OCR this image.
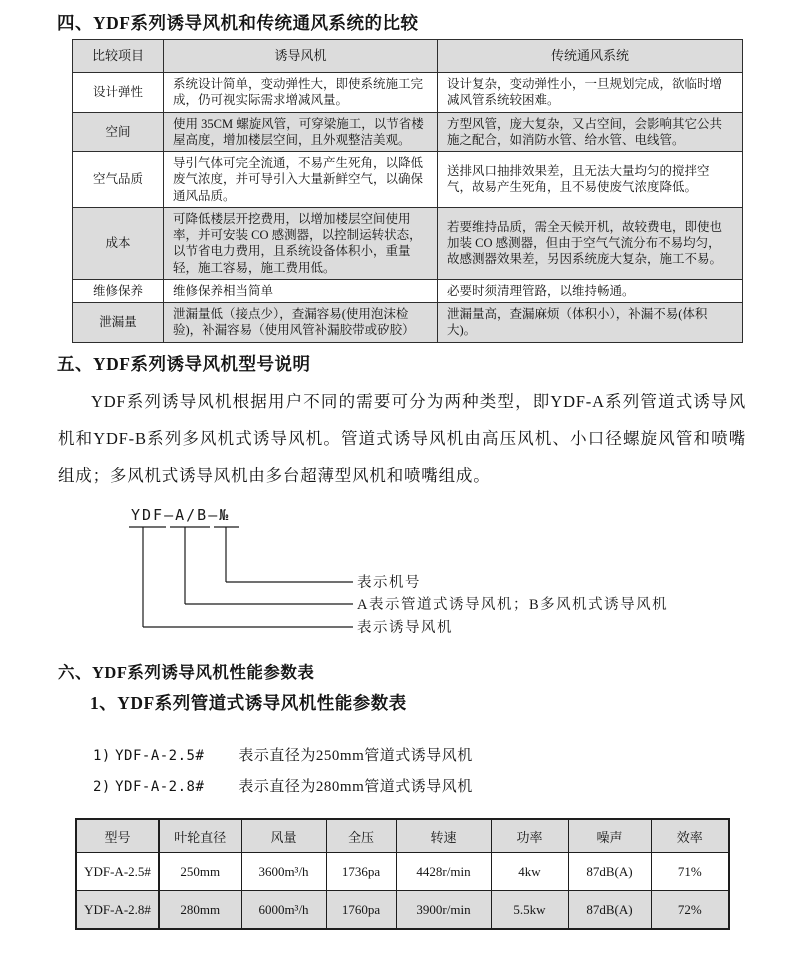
四、YDF系列诱导风机和传统通风系统的比较
比较项目	诱导风机	传统通风系统
设计弹性	系统设计简单，变动弹性大，即使系统施工完成，仍可视实际需求增减风量。	设计复杂，变动弹性小，一旦规划完成，欲临时增减风管系统较困难。
空间	使用 35CM 螺旋风管，可穿梁施工，以节省楼屋高度，增加楼层空间，且外观整洁美观。	方型风管，庞大复杂，又占空间，会影响其它公共施之配合，如消防水管、给水管、电线管。
空气品质	导引气体可完全流通，不易产生死角，以降低废气浓度，并可导引入大量新鲜空气，以确保通风品质。	送排风口抽排效果差，且无法大量均匀的搅拌空气，故易产生死角，且不易使废气浓度降低。
成本	可降低楼层开挖费用，以增加楼层空间使用率，并可安装 CO 感测器，以控制运转状态，以节省电力费用，且系统设备体积小，重量轻，施工容易，施工费用低。	若要维持品质，需全天候开机，故较费电，即使也加装 CO 感测器，但由于空气气流分布不易均匀，故感测器效果差，另因系统庞大复杂，施工不易。
维修保养	维修保养相当简单	必要时须清理管路，以维持畅通。
泄漏量	泄漏量低（接点少），查漏容易(使用泡沫检验)，补漏容易（使用风管补漏胶带或矽胶）	泄漏量高，查漏麻烦（体积小），补漏不易(体积大)。
五、YDF系列诱导风机型号说明

YDF系列诱导风机根据用户不同的需要可分为两种类型，即YDF-A系列管道式诱导风机和YDF-B系列多风机式诱导风机。管道式诱导风机由高压风机、小口径螺旋风管和喷嘴组成；多风机式诱导风机由多台超薄型风机和喷嘴组成。

YDF—A/B—№
表示机号
A表示管道式诱导风机；B多风机式诱导风机
表示诱导风机
六、YDF系列诱导风机性能参数表
1、YDF系列管道式诱导风机性能参数表

1) YDF-A-2.5# 表示直径为250mm管道式诱导风机

2) YDF-A-2.8# 表示直径为280mm管道式诱导风机

型号	叶轮直径	风量	全压	转速	功率	噪声	效率
YDF-A-2.5#	250mm	3600m³/h	1736pa	4428r/min	4kw	87dB(A)	71%
YDF-A-2.8#	280mm	6000m³/h	1760pa	3900r/min	5.5kw	87dB(A)	72%
